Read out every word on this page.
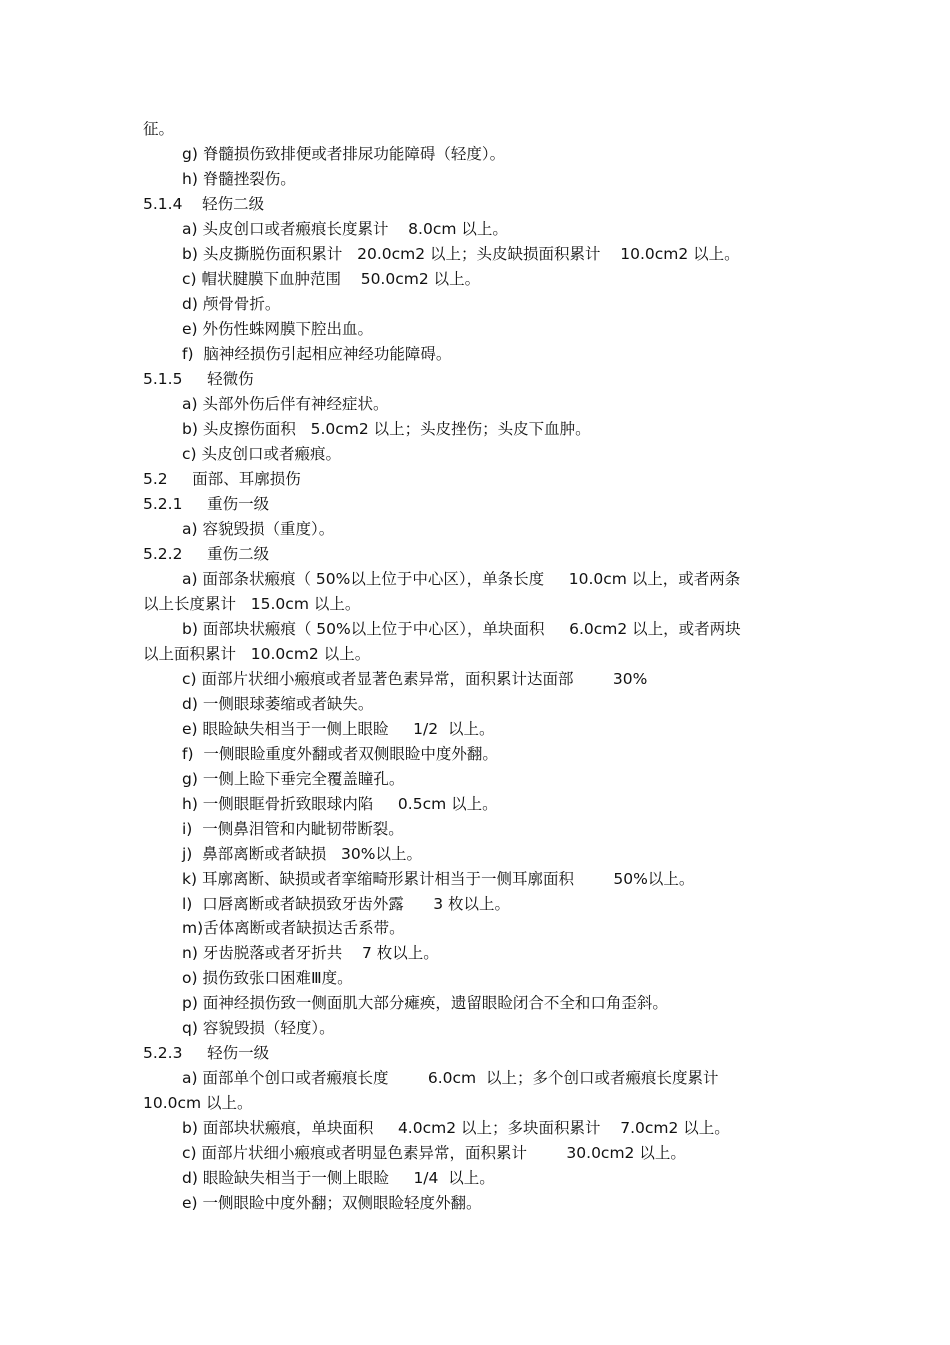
征。
g) 脊髓损伤致排便或者排尿功能障碍（轻度）。
h) 脊髓挫裂伤。
5.1.4    轻伤二级
a) 头皮创口或者瘢痕长度累计    8.0cm 以上。
b) 头皮撕脱伤面积累计   20.0cm2 以上；头皮缺损面积累计    10.0cm2 以上。
c) 帽状腱膜下血肿范围    50.0cm2 以上。
d) 颅骨骨折。
e) 外伤性蛛网膜下腔出血。
f)  脑神经损伤引起相应神经功能障碍。
5.1.5     轻微伤
a) 头部外伤后伴有神经症状。
b) 头皮擦伤面积   5.0cm2 以上；头皮挫伤；头皮下血肿。
c) 头皮创口或者瘢痕。
5.2     面部、耳廓损伤
5.2.1     重伤一级
a) 容貌毁损（重度）。
5.2.2     重伤二级
a) 面部条状瘢痕（ 50%以上位于中心区），单条长度     10.0cm 以上，或者两条
以上长度累计   15.0cm 以上。
b) 面部块状瘢痕（ 50%以上位于中心区），单块面积     6.0cm2 以上，或者两块
以上面积累计   10.0cm2 以上。
c) 面部片状细小瘢痕或者显著色素异常，面积累计达面部        30%
d) 一侧眼球萎缩或者缺失。
e) 眼睑缺失相当于一侧上眼睑     1/2  以上。
f)  一侧眼睑重度外翻或者双侧眼睑中度外翻。
g) 一侧上睑下垂完全覆盖瞳孔。
h) 一侧眼眶骨折致眼球内陷     0.5cm 以上。
i)  一侧鼻泪管和内眦韧带断裂。
j)  鼻部离断或者缺损   30%以上。
k) 耳廓离断、缺损或者挛缩畸形累计相当于一侧耳廓面积        50%以上。
l)  口唇离断或者缺损致牙齿外露      3 枚以上。
m)舌体离断或者缺损达舌系带。
n) 牙齿脱落或者牙折共    7 枚以上。
o) 损伤致张口困难Ⅲ度。
p) 面神经损伤致一侧面肌大部分瘫痪，遗留眼睑闭合不全和口角歪斜。
q) 容貌毁损（轻度）。
5.2.3     轻伤一级
a) 面部单个创口或者瘢痕长度        6.0cm  以上；多个创口或者瘢痕长度累计
10.0cm 以上。
b) 面部块状瘢痕，单块面积     4.0cm2 以上；多块面积累计    7.0cm2 以上。
c) 面部片状细小瘢痕或者明显色素异常，面积累计        30.0cm2 以上。
d) 眼睑缺失相当于一侧上眼睑     1/4  以上。
e) 一侧眼睑中度外翻；双侧眼睑轻度外翻。
